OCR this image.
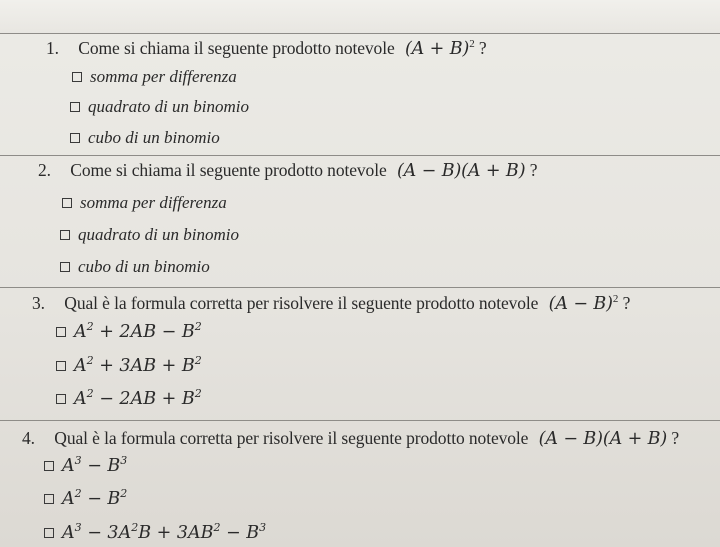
1. Come si chiama il seguente prodotto notevole $(A + B)^2$ ?
somma per differenza
quadrato di un binomio
cubo di un binomio
2. Come si chiama il seguente prodotto notevole (A − B)(A + B) ?
somma per differenza
quadrato di un binomio
cubo di un binomio
3. Qual è la formula corretta per risolvere il seguente prodotto notevole $(A - B)^2$ ?
$A^2 + 2AB - B^2$
$A^2 + 3AB + B^2$
$A^2 - 2AB + B^2$
4. Qual è la formula corretta per risolvere il seguente prodotto notevole (A − B)(A + B) ?
$A^3 - B^3$
$A^2 - B^2$
$A^3 - 3A^2B + 3AB^2 - B^3$
